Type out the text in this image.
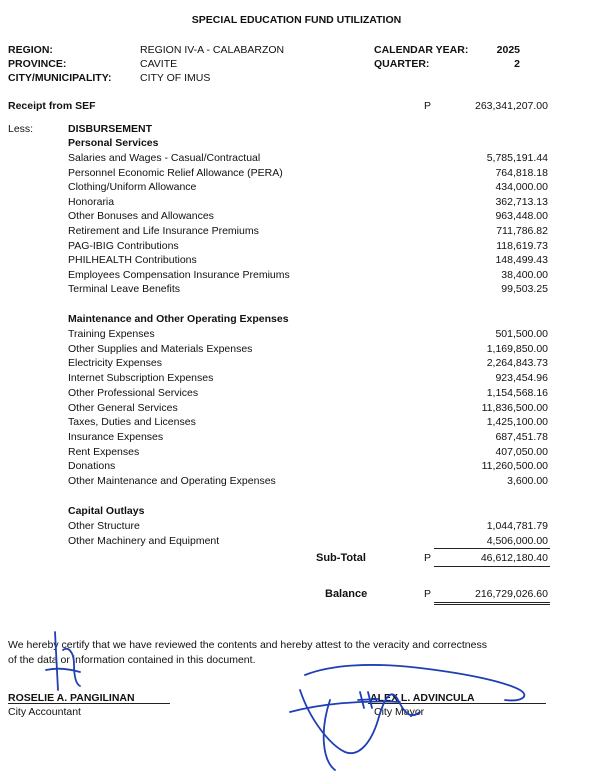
SPECIAL EDUCATION FUND UTILIZATION
REGION:	REGION IV-A - CALABARZON
PROVINCE:	CAVITE
CITY/MUNICIPALITY:	CITY OF IMUS
CALENDAR YEAR:	2025
QUARTER:	2
Receipt from SEF	P	263,341,207.00
Less:	DISBURSEMENT
Personal Services
Salaries and Wages - Casual/Contractual	5,785,191.44
Personnel Economic Relief Allowance (PERA)	764,818.18
Clothing/Uniform Allowance	434,000.00
Honoraria	362,713.13
Other Bonuses and Allowances	963,448.00
Retirement and Life Insurance Premiums	711,786.82
PAG-IBIG Contributions	118,619.73
PHILHEALTH Contributions	148,499.43
Employees Compensation Insurance Premiums	38,400.00
Terminal Leave Benefits	99,503.25
Maintenance and Other Operating Expenses
Training Expenses	501,500.00
Other Supplies and Materials Expenses	1,169,850.00
Electricity Expenses	2,264,843.73
Internet Subscription Expenses	923,454.96
Other Professional Services	1,154,568.16
Other General Services	11,836,500.00
Taxes, Duties and Licenses	1,425,100.00
Insurance Expenses	687,451.78
Rent Expenses	407,050.00
Donations	11,260,500.00
Other Maintenance and Operating Expenses	3,600.00
Capital Outlays
Other Structure	1,044,781.79
Other Machinery and Equipment	4,506,000.00
Sub-Total	P	46,612,180.40
Balance	P	216,729,026.60
We hereby certify that we have reviewed the contents and hereby attest to the veracity and correctness
of the data or information contained in this document.
ROSELIE A. PANGILINAN
City Accountant
ALEX L. ADVINCULA
City Mayor
